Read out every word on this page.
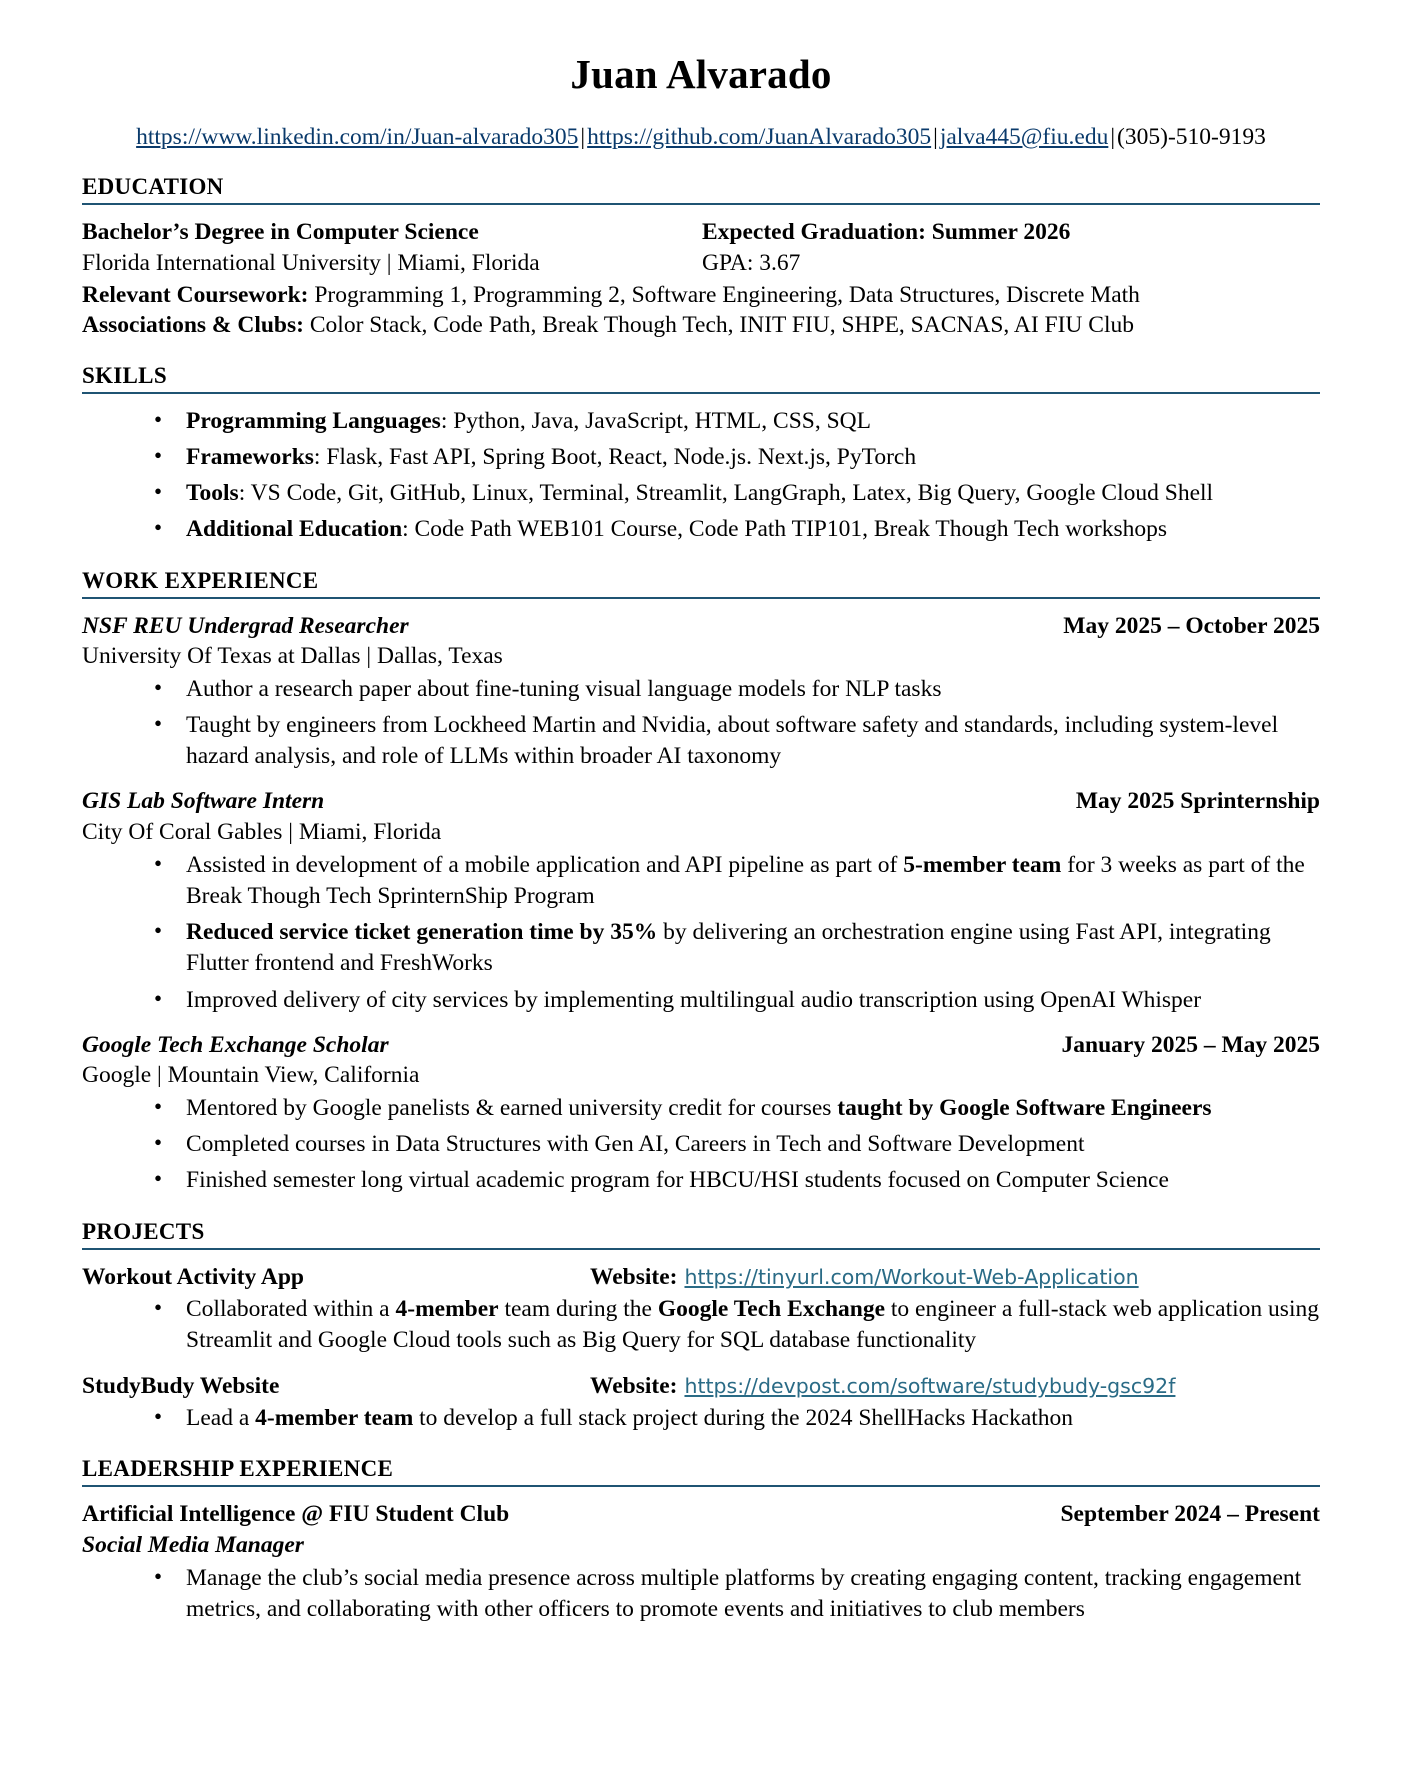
Juan Alvarado
https://www.linkedin.com/in/Juan-alvarado305|https://github.com/JuanAlvarado305|jalva445@fiu.edu|(305)-510-9193
EDUCATION
Bachelor’s Degree in Computer Science	Expected Graduation: Summer 2026
Florida International University | Miami, Florida	GPA: 3.67
Relevant Coursework: Programming 1, Programming 2, Software Engineering, Data Structures, Discrete Math
Associations & Clubs: Color Stack, Code Path, Break Though Tech, INIT FIU, SHPE, SACNAS, AI FIU Club
SKILLS
• Programming Languages: Python, Java, JavaScript, HTML, CSS, SQL
• Frameworks: Flask, Fast API, Spring Boot, React, Node.js. Next.js, PyTorch
• Tools: VS Code, Git, GitHub, Linux, Terminal, Streamlit, LangGraph, Latex, Big Query, Google Cloud Shell
• Additional Education: Code Path WEB101 Course, Code Path TIP101, Break Though Tech workshops
WORK EXPERIENCE
NSF REU Undergrad Researcher	May 2025 – October 2025
University Of Texas at Dallas | Dallas, Texas
• Author a research paper about fine-tuning visual language models for NLP tasks
• Taught by engineers from Lockheed Martin and Nvidia, about software safety and standards, including system-level hazard analysis, and role of LLMs within broader AI taxonomy
GIS Lab Software Intern	May 2025 Sprinternship
City Of Coral Gables | Miami, Florida
• Assisted in development of a mobile application and API pipeline as part of 5-member team for 3 weeks as part of the Break Though Tech SprinternShip Program
• Reduced service ticket generation time by 35% by delivering an orchestration engine using Fast API, integrating Flutter frontend and FreshWorks
• Improved delivery of city services by implementing multilingual audio transcription using OpenAI Whisper
Google Tech Exchange Scholar	January 2025 – May 2025
Google | Mountain View, California
• Mentored by Google panelists & earned university credit for courses taught by Google Software Engineers
• Completed courses in Data Structures with Gen AI, Careers in Tech and Software Development
• Finished semester long virtual academic program for HBCU/HSI students focused on Computer Science
PROJECTS
Workout Activity App	Website: https://tinyurl.com/Workout-Web-Application
• Collaborated within a 4-member team during the Google Tech Exchange to engineer a full-stack web application using Streamlit and Google Cloud tools such as Big Query for SQL database functionality
StudyBudy Website	Website: https://devpost.com/software/studybudy-gsc92f
• Lead a 4-member team to develop a full stack project during the 2024 ShellHacks Hackathon
LEADERSHIP EXPERIENCE
Artificial Intelligence @ FIU Student Club	September 2024 – Present
Social Media Manager
• Manage the club’s social media presence across multiple platforms by creating engaging content, tracking engagement metrics, and collaborating with other officers to promote events and initiatives to club members
